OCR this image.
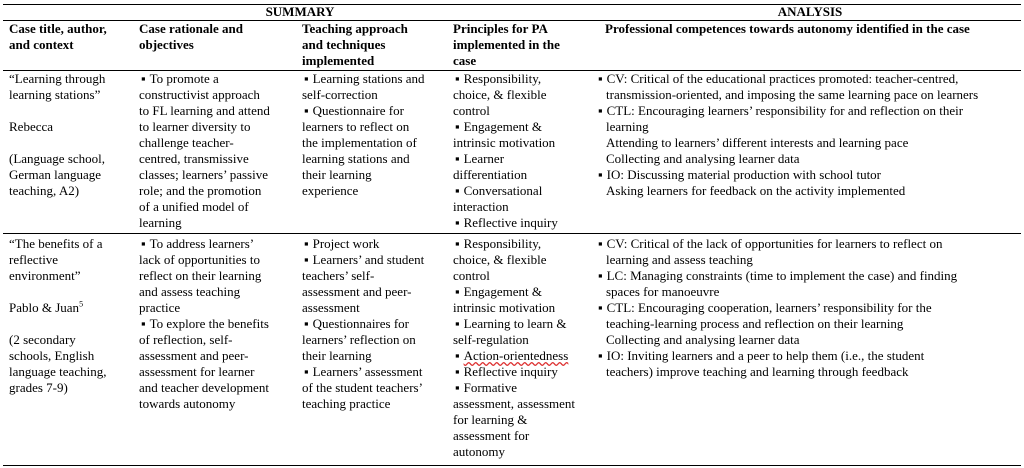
SUMMARY	ANALYSIS
Case title, author,
and context
Case rationale and
objectives
Teaching approach
and techniques
implemented
Principles for PA
implemented in the
case
Professional competences towards autonomy identified in the case
“Learning through
learning stations”
Rebecca
(Language school,
German language
teaching, A2)
▪ To promote a
constructivist approach
to FL learning and attend
to learner diversity to
challenge teacher-
centred, transmissive
classes; learners’ passive
role; and the promotion
of a unified model of
learning
▪ Learning stations and
self-correction
▪ Questionnaire for
learners to reflect on
the implementation of
learning stations and
their learning
experience
▪ Responsibility,
choice, & flexible
control
▪ Engagement &
intrinsic motivation
▪ Learner
differentiation
▪ Conversational
interaction
▪ Reflective inquiry
▪ CV: Critical of the educational practices promoted: teacher-centred,
transmission-oriented, and imposing the same learning pace on learners
▪ CTL: Encouraging learners’ responsibility for and reflection on their
learning
Attending to learners’ different interests and learning pace
Collecting and analysing learner data
▪ IO: Discussing material production with school tutor
Asking learners for feedback on the activity implemented
“The benefits of a
reflective
environment”
Pablo & Juan$^5$
(2 secondary
schools, English
language teaching,
grades 7-9)
▪ To address learners’
lack of opportunities to
reflect on their learning
and assess teaching
practice
▪ To explore the benefits
of reflection, self-
assessment and peer-
assessment for learner
and teacher development
towards autonomy
▪ Project work
▪ Learners’ and student
teachers’ self-
assessment and peer-
assessment
▪ Questionnaires for
learners’ reflection on
their learning
▪ Learners’ assessment
of the student teachers’
teaching practice
▪ Responsibility,
choice, & flexible
control
▪ Engagement &
intrinsic motivation
▪ Learning to learn &
self-regulation
▪ Action-orientedness
▪ Reflective inquiry
▪ Formative
assessment, assessment
for learning &
assessment for
autonomy
▪ CV: Critical of the lack of opportunities for learners to reflect on
learning and assess teaching
▪ LC: Managing constraints (time to implement the case) and finding
spaces for manoeuvre
▪ CTL: Encouraging cooperation, learners’ responsibility for the
teaching-learning process and reflection on their learning
Collecting and analysing learner data
▪ IO: Inviting learners and a peer to help them (i.e., the student
teachers) improve teaching and learning through feedback
